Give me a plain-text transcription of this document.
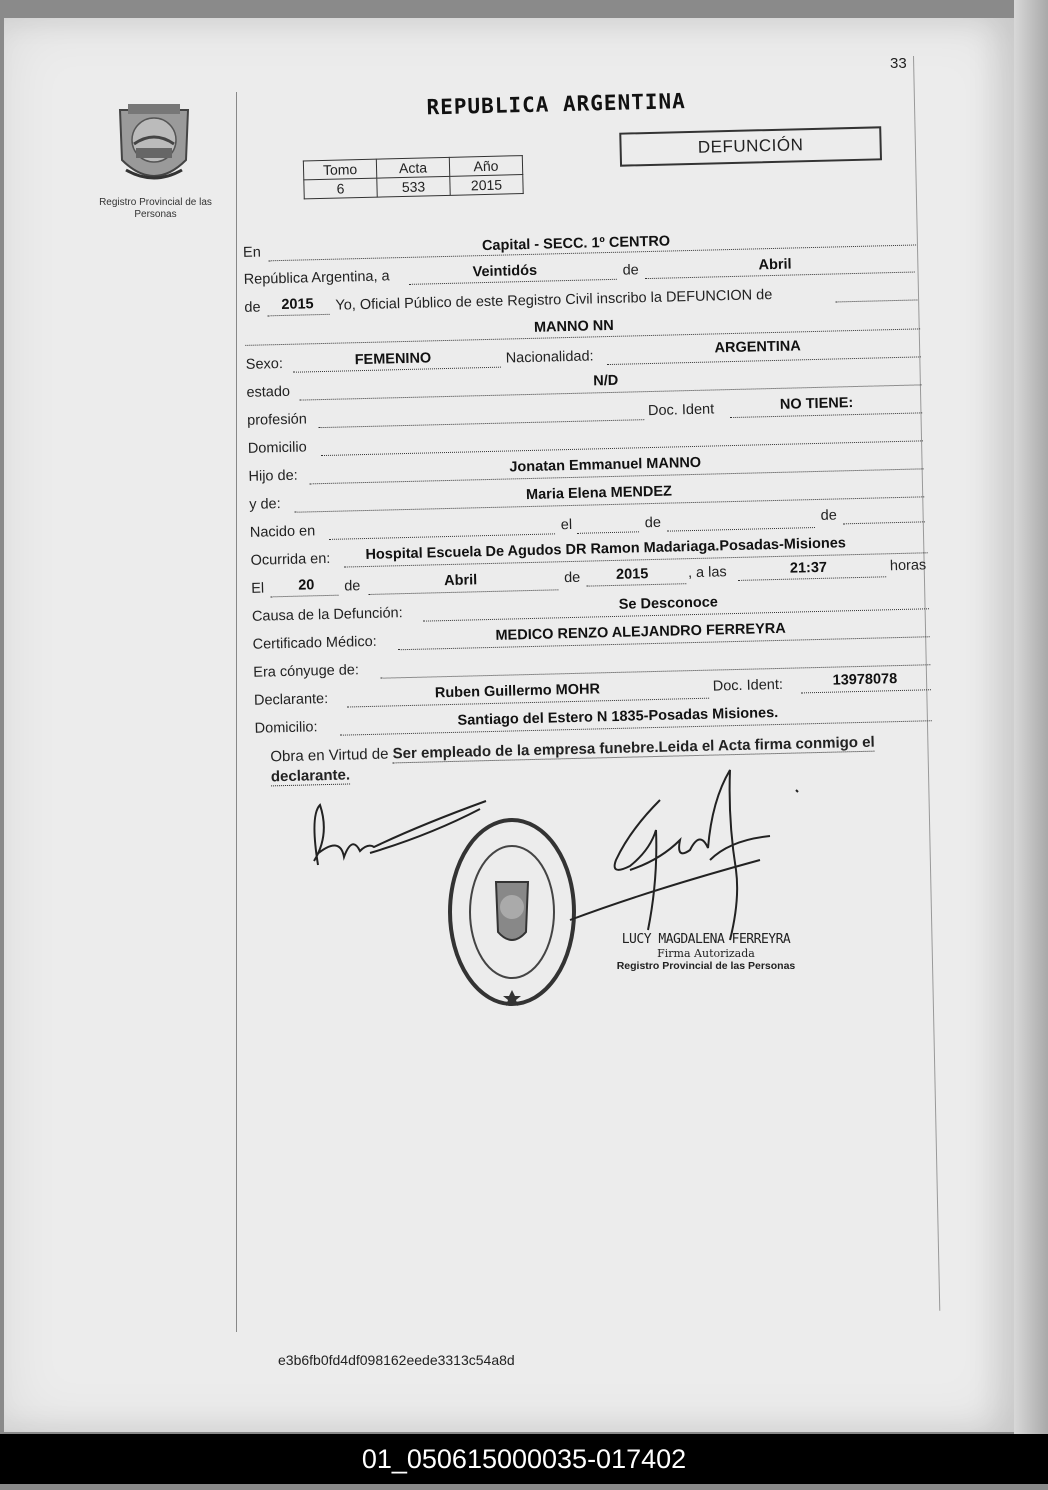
33
Registro Provincial de las Personas
REPUBLICA ARGENTINA
Tomo	Acta	Año
6	533	2015
DEFUNCIÓN
En	Capital - SECC. 1º CENTRO
República Argentina, a	Veintidós	de	Abril
de 2015 Yo, Oficial Público de este Registro Civil inscribo la DEFUNCION de
MANNO NN
Sexo:	FEMENINO	Nacionalidad:
ARGENTINA
estado
N/D
profesión
Doc. Ident	NO TIENE:
Domicilio
Hijo de:
Jonatan Emmanuel MANNO
y de:
Maria Elena MENDEZ
Nacido en	el	de	de
Ocurrida en: Hospital Escuela De Agudos DR Ramon Madariaga.Posadas-Misiones
El 20 de	Abril	de 2015	, a las	21:37	horas
Causa de la Defunción:
Se Desconoce
Certificado Médico:	MEDICO RENZO ALEJANDRO FERREYRA
Era cónyuge de:
Declarante:	Ruben Guillermo MOHR	Doc. Ident:	13978078
Domicilio:	Santiago del Estero N 1835-Posadas Misiones.
Obra en Virtud de Ser empleado de la empresa funebre.Leida el Acta firma conmigo el declarante.
LUCY MAGDALENA FERREYRA
Firma Autorizada
Registro Provincial de las Personas
e3b6fb0fd4df098162eede3313c54a8d
01_050615000035-017402
